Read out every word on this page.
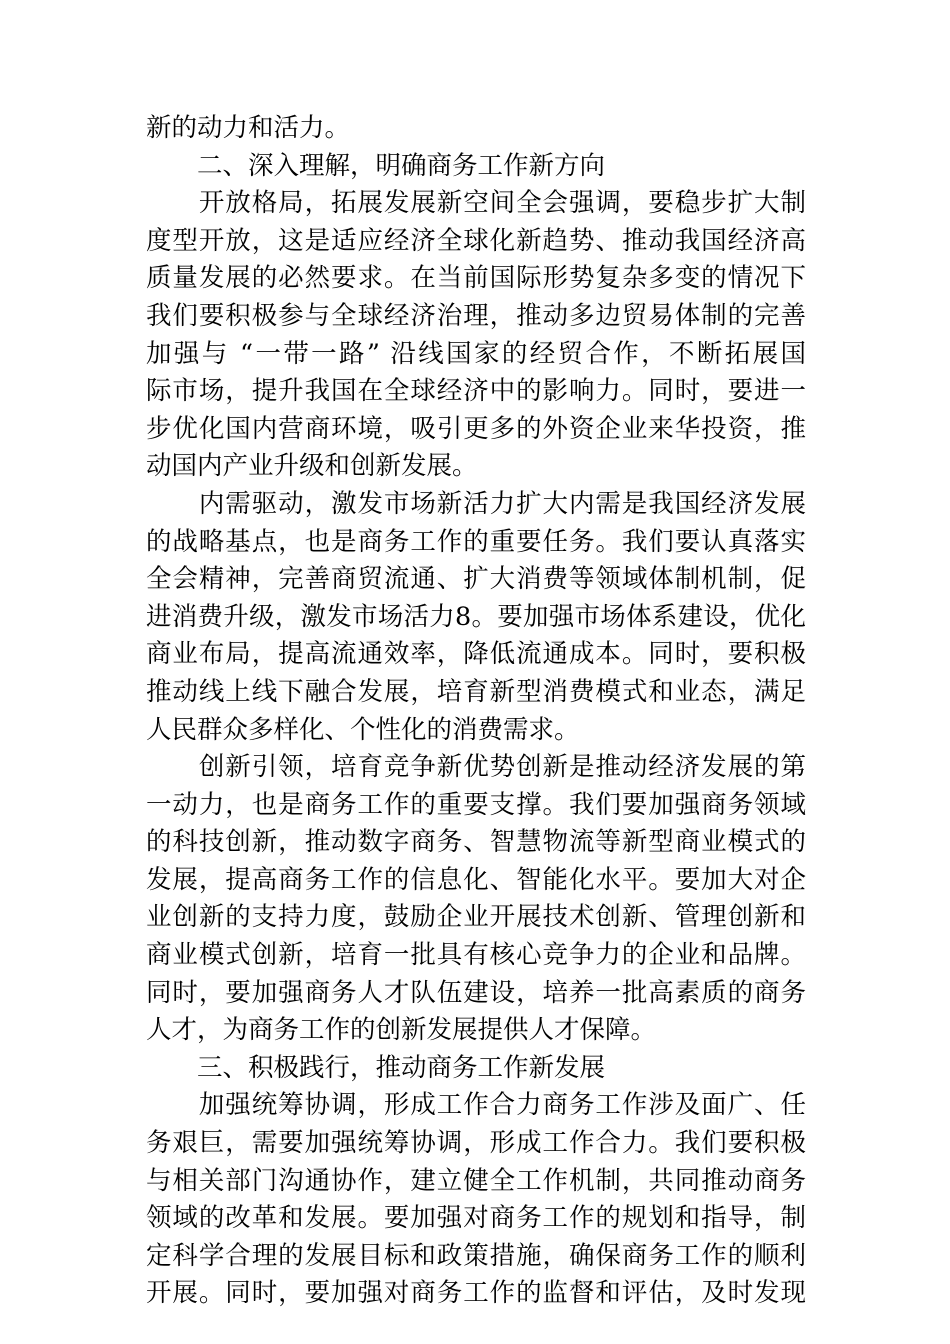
新的动力和活力。
二、深入理解，明确商务工作新方向
　　开放格局，拓展发展新空间全会强调，要稳步扩大制
度型开放，这是适应经济全球化新趋势、推动我国经济高
质量发展的必然要求。在当前国际形势复杂多变的情况下
我们要积极参与全球经济治理，推动多边贸易体制的完善
加强与 “一带一路” 沿线国家的经贸合作，不断拓展国
际市场，提升我国在全球经济中的影响力。同时，要进一
步优化国内营商环境，吸引更多的外资企业来华投资，推
动国内产业升级和创新发展。
　　内需驱动，激发市场新活力扩大内需是我国经济发展
的战略基点，也是商务工作的重要任务。我们要认真落实
全会精神，完善商贸流通、扩大消费等领域体制机制，促
进消费升级，激发市场活力8。要加强市场体系建设，优化
商业布局，提高流通效率，降低流通成本。同时，要积极
推动线上线下融合发展，培育新型消费模式和业态，满足
人民群众多样化、个性化的消费需求。
　　创新引领，培育竞争新优势创新是推动经济发展的第
一动力，也是商务工作的重要支撑。我们要加强商务领域
的科技创新，推动数字商务、智慧物流等新型商业模式的
发展，提高商务工作的信息化、智能化水平。要加大对企
业创新的支持力度，鼓励企业开展技术创新、管理创新和
商业模式创新，培育一批具有核心竞争力的企业和品牌。
同时，要加强商务人才队伍建设，培养一批高素质的商务
人才，为商务工作的创新发展提供人才保障。
三、积极践行，推动商务工作新发展
　　加强统筹协调，形成工作合力商务工作涉及面广、任
务艰巨，需要加强统筹协调，形成工作合力。我们要积极
与相关部门沟通协作，建立健全工作机制，共同推动商务
领域的改革和发展。要加强对商务工作的规划和指导，制
定科学合理的发展目标和政策措施，确保商务工作的顺利
开展。同时，要加强对商务工作的监督和评估，及时发现
